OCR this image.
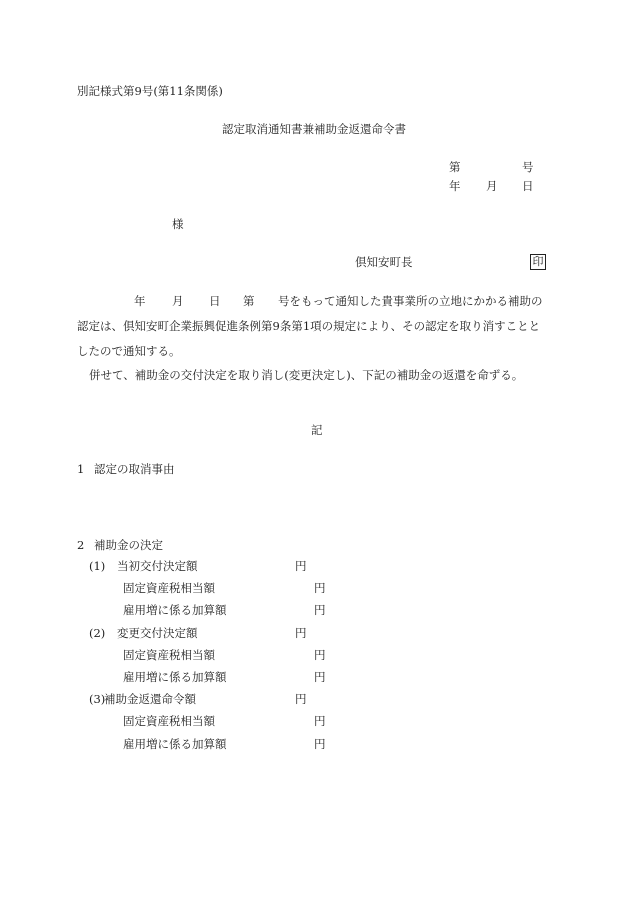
別記様式第9号(第11条関係)
認定取消通知書兼補助金返還命令書
第	号
年 月 日
様
倶知安町長	印
年 月 日 第 号をもって通知した貴事業所の立地にかかる補助の
認定は、倶知安町企業振興促進条例第9条第1項の規定により、その認定を取り消すことと
したので通知する。
併せて、補助金の交付決定を取り消し(変更決定し)、下記の補助金の返還を命ずる。
記
1 認定の取消事由
2 補助金の決定
(1) 当初交付決定額	円
固定資産税相当額	円
雇用増に係る加算額	円
(2) 変更交付決定額	円
固定資産税相当額	円
雇用増に係る加算額	円
(3)
補助金返還命令額	円
固定資産税相当額	円
雇用増に係る加算額	円
